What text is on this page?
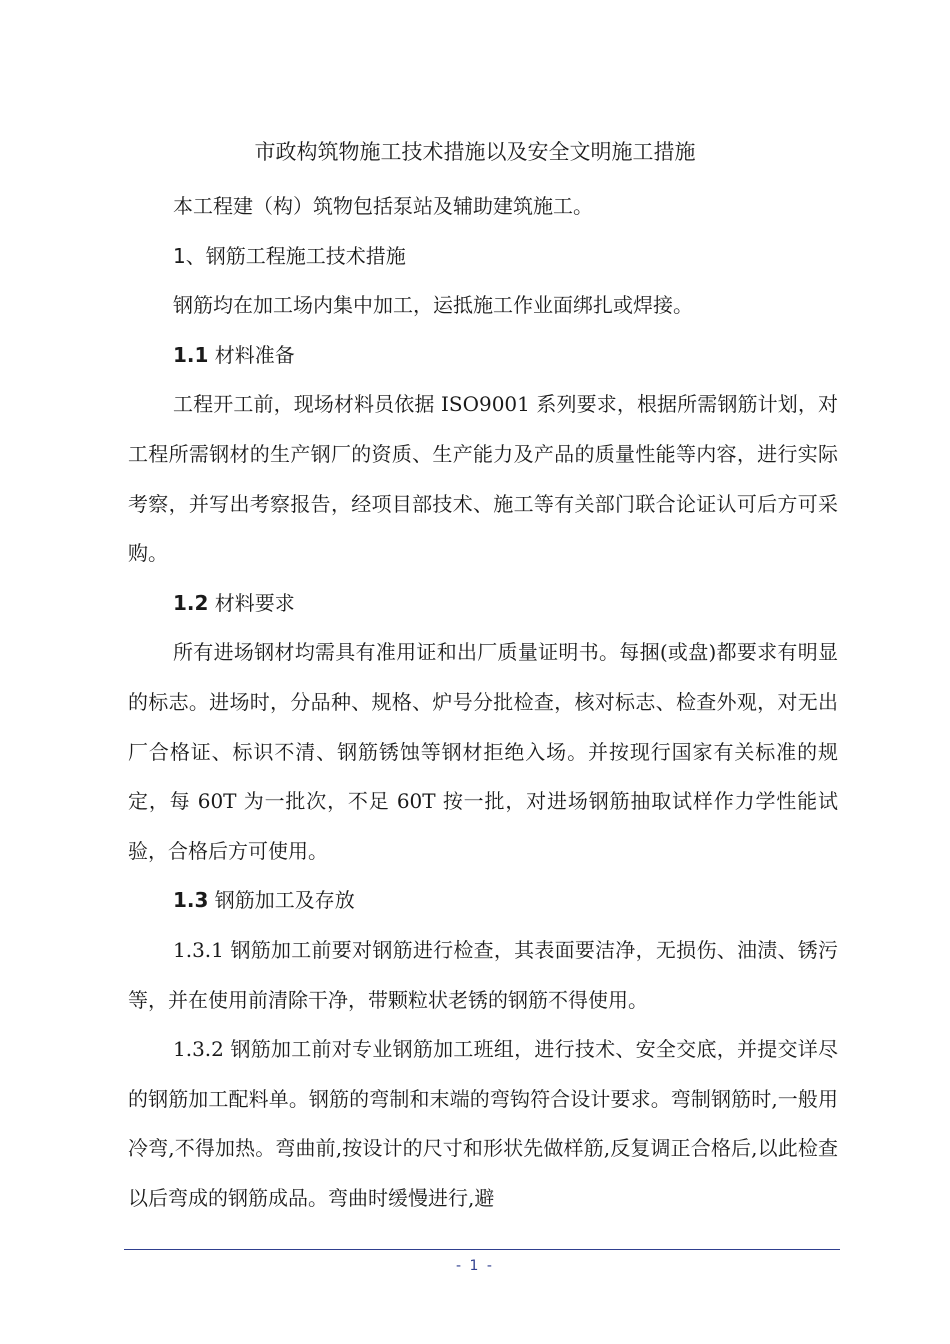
市政构筑物施工技术措施以及安全文明施工措施

本工程建（构）筑物包括泵站及辅助建筑施工。

1、钢筋工程施工技术措施

钢筋均在加工场内集中加工，运抵施工作业面绑扎或焊接。

1.1 材料准备

工程开工前，现场材料员依据 ISO9001 系列要求，根据所需钢筋计划，对工程所需钢材的生产钢厂的资质、生产能力及产品的质量性能等内容，进行实际考察，并写出考察报告，经项目部技术、施工等有关部门联合论证认可后方可采购。

1.2 材料要求

所有进场钢材均需具有准用证和出厂质量证明书。每捆(或盘)都要求有明显的标志。进场时，分品种、规格、炉号分批检查，核对标志、检查外观，对无出厂合格证、标识不清、钢筋锈蚀等钢材拒绝入场。并按现行国家有关标准的规定，每 60T 为一批次，不足 60T 按一批，对进场钢筋抽取试样作力学性能试验，合格后方可使用。

1.3 钢筋加工及存放

1.3.1 钢筋加工前要对钢筋进行检查，其表面要洁净，无损伤、油渍、锈污等，并在使用前清除干净，带颗粒状老锈的钢筋不得使用。

1.3.2 钢筋加工前对专业钢筋加工班组，进行技术、安全交底，并提交详尽的钢筋加工配料单。钢筋的弯制和末端的弯钩符合设计要求。弯制钢筋时,一般用冷弯,不得加热。弯曲前,按设计的尺寸和形状先做样筋,反复调正合格后,以此检查以后弯成的钢筋成品。弯曲时缓慢进行,避

- 1 -
